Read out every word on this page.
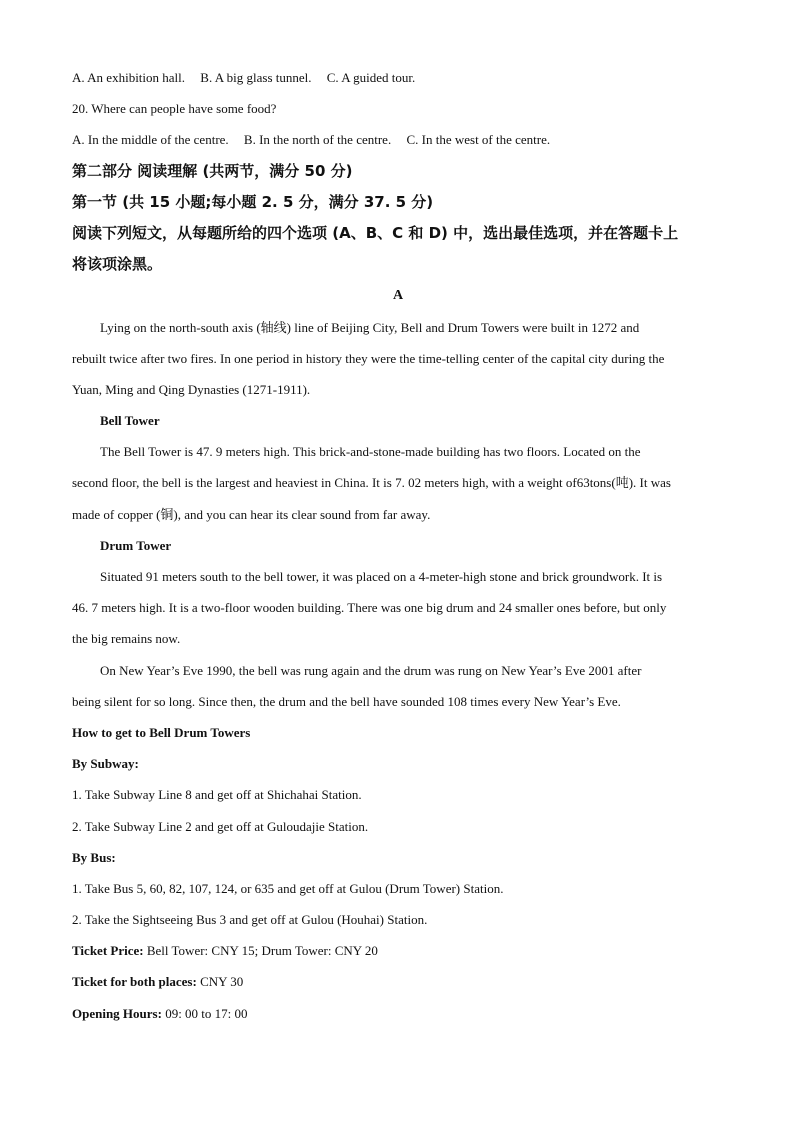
A. An exhibition hall. B. A big glass tunnel. C. A guided tour.
20. Where can people have some food?
A. In the middle of the centre. B. In the north of the centre. C. In the west of the centre.
第二部分 阅读理解 (共两节，满分 50 分)
第一节 (共 15 小题;每小题 2. 5 分，满分 37. 5 分)
阅读下列短文，从每题所给的四个选项 (A、B、C 和 D) 中，选出最佳选项，并在答题卡上
将该项涂黑。
A
Lying on the north-south axis (轴线) line of Beijing City, Bell and Drum Towers were built in 1272 and
rebuilt twice after two fires. In one period in history they were the time-telling center of the capital city during the
Yuan, Ming and Qing Dynasties (1271-1911).
Bell Tower
The Bell Tower is 47. 9 meters high. This brick-and-stone-made building has two floors. Located on the
second floor, the bell is the largest and heaviest in China. It is 7. 02 meters high, with a weight of63tons(吨). It was
made of copper (铜), and you can hear its clear sound from far away.
Drum Tower
Situated 91 meters south to the bell tower, it was placed on a 4-meter-high stone and brick groundwork. It is
46. 7 meters high. It is a two-floor wooden building. There was one big drum and 24 smaller ones before, but only
the big remains now.
On New Year’s Eve 1990, the bell was rung again and the drum was rung on New Year’s Eve 2001 after
being silent for so long. Since then, the drum and the bell have sounded 108 times every New Year’s Eve.
How to get to Bell Drum Towers
By Subway:
1. Take Subway Line 8 and get off at Shichahai Station.
2. Take Subway Line 2 and get off at Guloudajie Station.
By Bus:
1. Take Bus 5, 60, 82, 107, 124, or 635 and get off at Gulou (Drum Tower) Station.
2. Take the Sightseeing Bus 3 and get off at Gulou (Houhai) Station.
Ticket Price: Bell Tower: CNY 15; Drum Tower: CNY 20
Ticket for both places: CNY 30
Opening Hours: 09: 00 to 17: 00
